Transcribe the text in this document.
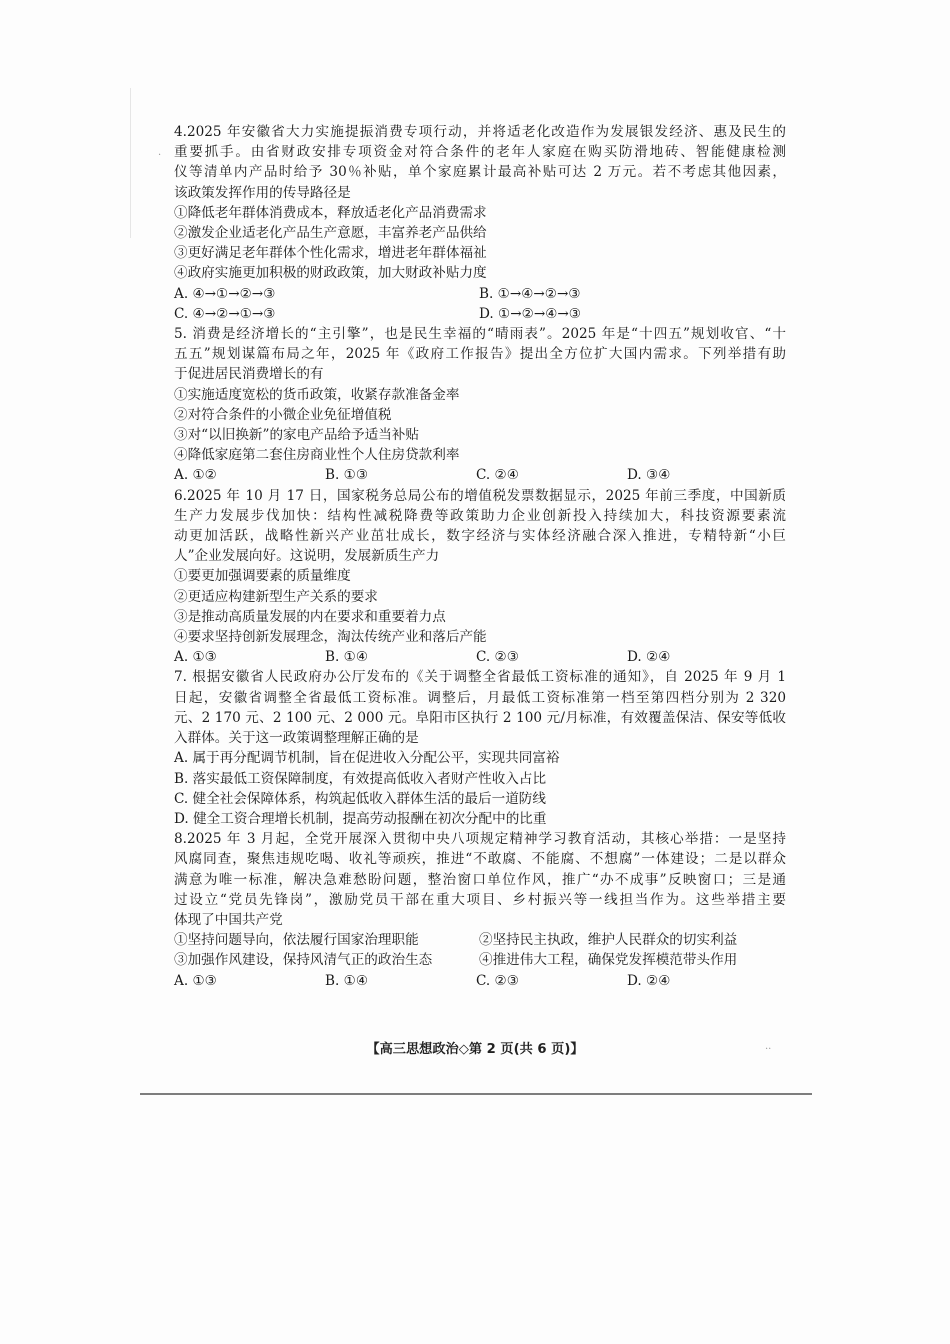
·
4.2025 年安徽省大力实施提振消费专项行动，并将适老化改造作为发展银发经济、惠及民生的
重要抓手。由省财政安排专项资金对符合条件的老年人家庭在购买防滑地砖、智能健康检测
仪等清单内产品时给予 30％补贴，单个家庭累计最高补贴可达 2 万元。若不考虑其他因素，
该政策发挥作用的传导路径是
①降低老年群体消费成本，释放适老化产品消费需求
②激发企业适老化产品生产意愿，丰富养老产品供给
③更好满足老年群体个性化需求，增进老年群体福祉
④政府实施更加积极的财政政策，加大财政补贴力度
A. ④→①→②→③	B. ①→④→②→③
C. ④→②→①→③	D. ①→②→④→③
5. 消费是经济增长的“主引擎”，也是民生幸福的“晴雨表”。2025 年是“十四五”规划收官、“十
五五”规划谋篇布局之年，2025 年《政府工作报告》提出全方位扩大国内需求。下列举措有助
于促进居民消费增长的有
①实施适度宽松的货币政策，收紧存款准备金率
②对符合条件的小微企业免征增值税
③对“以旧换新”的家电产品给予适当补贴
④降低家庭第二套住房商业性个人住房贷款利率
A. ①②	B. ①③	C. ②④	D. ③④
6.2025 年 10 月 17 日，国家税务总局公布的增值税发票数据显示，2025 年前三季度，中国新质
生产力发展步伐加快：结构性减税降费等政策助力企业创新投入持续加大，科技资源要素流
动更加活跃，战略性新兴产业茁壮成长，数字经济与实体经济融合深入推进，专精特新“小巨
人”企业发展向好。这说明，发展新质生产力
①要更加强调要素的质量维度
②更适应构建新型生产关系的要求
③是推动高质量发展的内在要求和重要着力点
④要求坚持创新发展理念，淘汰传统产业和落后产能
A. ①③	B. ①④	C. ②③	D. ②④
7. 根据安徽省人民政府办公厅发布的《关于调整全省最低工资标准的通知》，自 2025 年 9 月 1
日起，安徽省调整全省最低工资标准。调整后，月最低工资标准第一档至第四档分别为 2 320
元、2 170 元、2 100 元、2 000 元。阜阳市区执行 2 100 元/月标准，有效覆盖保洁、保安等低收
入群体。关于这一政策调整理解正确的是
A. 属于再分配调节机制，旨在促进收入分配公平，实现共同富裕
B. 落实最低工资保障制度，有效提高低收入者财产性收入占比
C. 健全社会保障体系，构筑起低收入群体生活的最后一道防线
D. 健全工资合理增长机制，提高劳动报酬在初次分配中的比重
8.2025 年 3 月起，全党开展深入贯彻中央八项规定精神学习教育活动，其核心举措：一是坚持
风腐同查，聚焦违规吃喝、收礼等顽疾，推进“不敢腐、不能腐、不想腐”一体建设；二是以群众
满意为唯一标准，解决急难愁盼问题，整治窗口单位作风，推广“办不成事”反映窗口；三是通
过设立“党员先锋岗”，激励党员干部在重大项目、乡村振兴等一线担当作为。这些举措主要
体现了中国共产党
①坚持问题导向，依法履行国家治理职能	②坚持民主执政，维护人民群众的切实利益
③加强作风建设，保持风清气正的政治生态	④推进伟大工程，确保党发挥模范带头作用
A. ①③	B. ①④	C. ②③	D. ②④
【高三思想政治◇第 2 页(共 6 页)】	..
